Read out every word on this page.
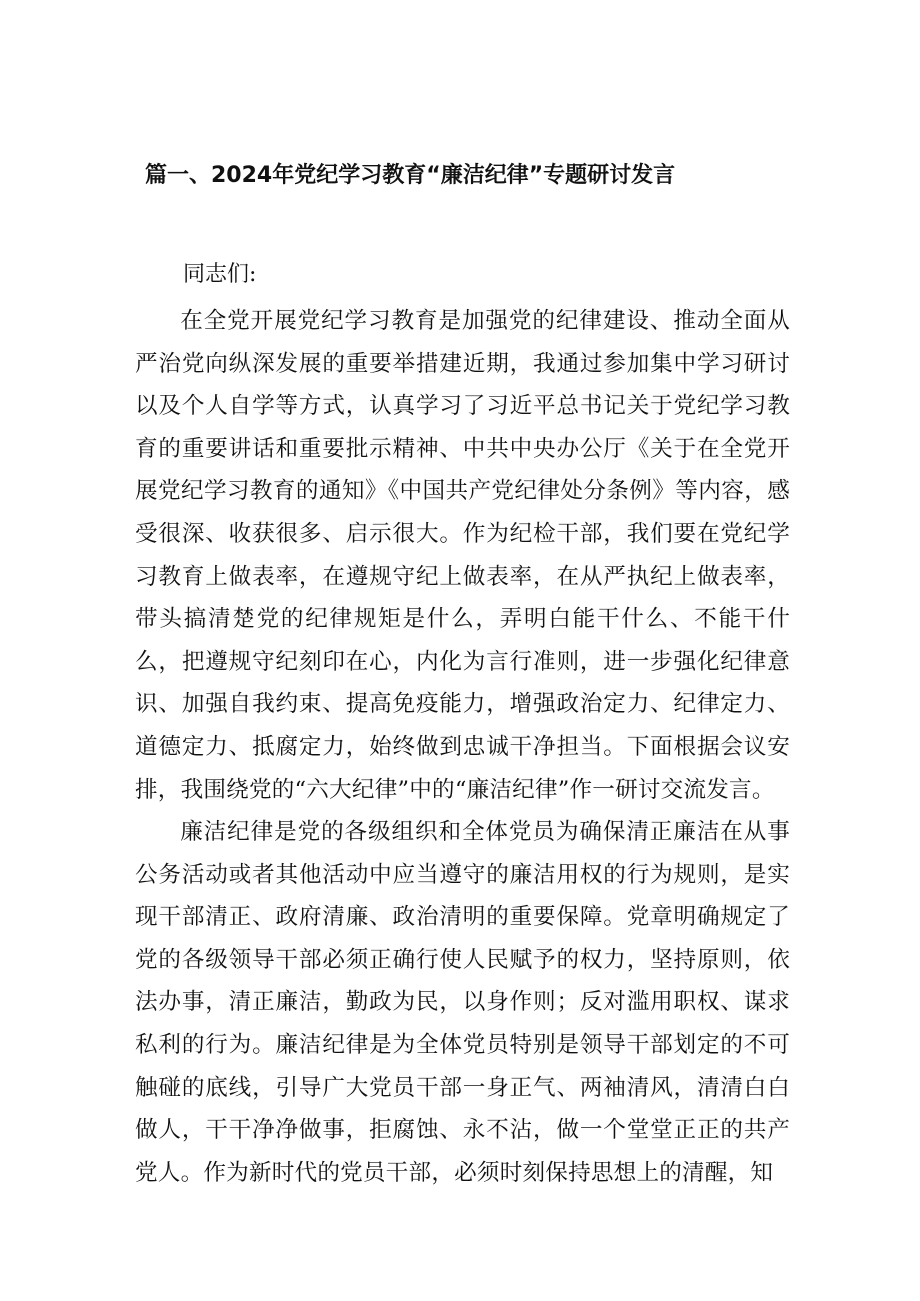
篇一、2024年党纪学习教育“廉洁纪律”专题研讨发言

同志们:

在全党开展党纪学习教育是加强党的纪律建设、推动全面从严治党向纵深发展的重要举措建近期，我通过参加集中学习研讨以及个人自学等方式，认真学习了习近平总书记关于党纪学习教育的重要讲话和重要批示精神、中共中央办公厅《关于在全党开展党纪学习教育的通知》《中国共产党纪律处分条例》等内容，感受很深、收获很多、启示很大。作为纪检干部，我们要在党纪学习教育上做表率，在遵规守纪上做表率，在从严执纪上做表率，带头搞清楚党的纪律规矩是什么，弄明白能干什么、不能干什么，把遵规守纪刻印在心，内化为言行准则，进一步强化纪律意识、加强自我约束、提高免疫能力，增强政治定力、纪律定力、道德定力、抵腐定力，始终做到忠诚干净担当。下面根据会议安排，我围绕党的“六大纪律”中的“廉洁纪律”作一研讨交流发言。

廉洁纪律是党的各级组织和全体党员为确保清正廉洁在从事公务活动或者其他活动中应当遵守的廉洁用权的行为规则，是实现干部清正、政府清廉、政治清明的重要保障。党章明确规定了党的各级领导干部必须正确行使人民赋予的权力，坚持原则，依法办事，清正廉洁，勤政为民，以身作则；反对滥用职权、谋求私利的行为。廉洁纪律是为全体党员特别是领导干部划定的不可触碰的底线，引导广大党员干部一身正气、两袖清风，清清白白做人，干干净净做事，拒腐蚀、永不沾，做一个堂堂正正的共产党人。作为新时代的党员干部，必须时刻保持思想上的清醒，知
